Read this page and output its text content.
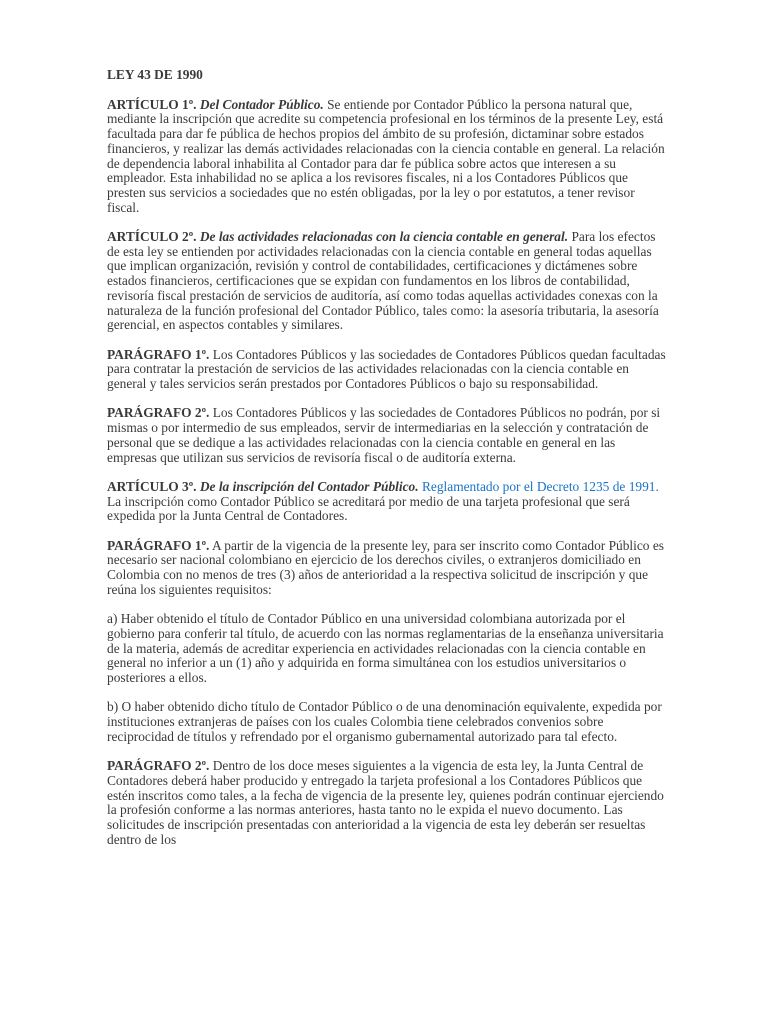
LEY 43 DE 1990

ARTÍCULO 1º. Del Contador Público. Se entiende por Contador Público la persona natural que, mediante la inscripción que acredite su competencia profesional en los términos de la presente Ley, está facultada para dar fe pública de hechos propios del ámbito de su profesión, dictaminar sobre estados financieros, y realizar las demás actividades relacionadas con la ciencia contable en general. La relación de dependencia laboral inhabilita al Contador para dar fe pública sobre actos que interesen a su empleador. Esta inhabilidad no se aplica a los revisores fiscales, ni a los Contadores Públicos que presten sus servicios a sociedades que no estén obligadas, por la ley o por estatutos, a tener revisor fiscal.

ARTÍCULO 2º. De las actividades relacionadas con la ciencia contable en general. Para los efectos de esta ley se entienden por actividades relacionadas con la ciencia contable en general todas aquellas que implican organización, revisión y control de contabilidades, certificaciones y dictámenes sobre estados financieros, certificaciones que se expidan con fundamentos en los libros de contabilidad, revisoría fiscal prestación de servicios de auditoría, así como todas aquellas actividades conexas con la naturaleza de la función profesional del Contador Público, tales como: la asesoría tributaria, la asesoría gerencial, en aspectos contables y similares.

PARÁGRAFO 1º. Los Contadores Públicos y las sociedades de Contadores Públicos quedan facultadas para contratar la prestación de servicios de las actividades relacionadas con la ciencia contable en general y tales servicios serán prestados por Contadores Públicos o bajo su responsabilidad.

PARÁGRAFO 2º. Los Contadores Públicos y las sociedades de Contadores Públicos no podrán, por si mismas o por intermedio de sus empleados, servir de intermediarias en la selección y contratación de personal que se dedique a las actividades relacionadas con la ciencia contable en general en las empresas que utilizan sus servicios de revisoría fiscal o de auditoría externa.

ARTÍCULO 3º. De la inscripción del Contador Público. Reglamentado por el Decreto 1235 de 1991. La inscripción como Contador Público se acreditará por medio de una tarjeta profesional que será expedida por la Junta Central de Contadores.

PARÁGRAFO 1º. A partir de la vigencia de la presente ley, para ser inscrito como Contador Público es necesario ser nacional colombiano en ejercicio de los derechos civiles, o extranjeros domiciliado en Colombia con no menos de tres (3) años de anterioridad a la respectiva solicitud de inscripción y que reúna los siguientes requisitos:

a) Haber obtenido el título de Contador Público en una universidad colombiana autorizada por el gobierno para conferir tal título, de acuerdo con las normas reglamentarias de la enseñanza universitaria de la materia, además de acreditar experiencia en actividades relacionadas con la ciencia contable en general no inferior a un (1) año y adquirida en forma simultánea con los estudios universitarios o posteriores a ellos.

b) O haber obtenido dicho título de Contador Público o de una denominación equivalente, expedida por instituciones extranjeras de países con los cuales Colombia tiene celebrados convenios sobre reciprocidad de títulos y refrendado por el organismo gubernamental autorizado para tal efecto.

PARÁGRAFO 2º. Dentro de los doce meses siguientes a la vigencia de esta ley, la Junta Central de Contadores deberá haber producido y entregado la tarjeta profesional a los Contadores Públicos que estén inscritos como tales, a la fecha de vigencia de la presente ley, quienes podrán continuar ejerciendo la profesión conforme a las normas anteriores, hasta tanto no le expida el nuevo documento. Las solicitudes de inscripción presentadas con anterioridad a la vigencia de esta ley deberán ser resueltas dentro de los
